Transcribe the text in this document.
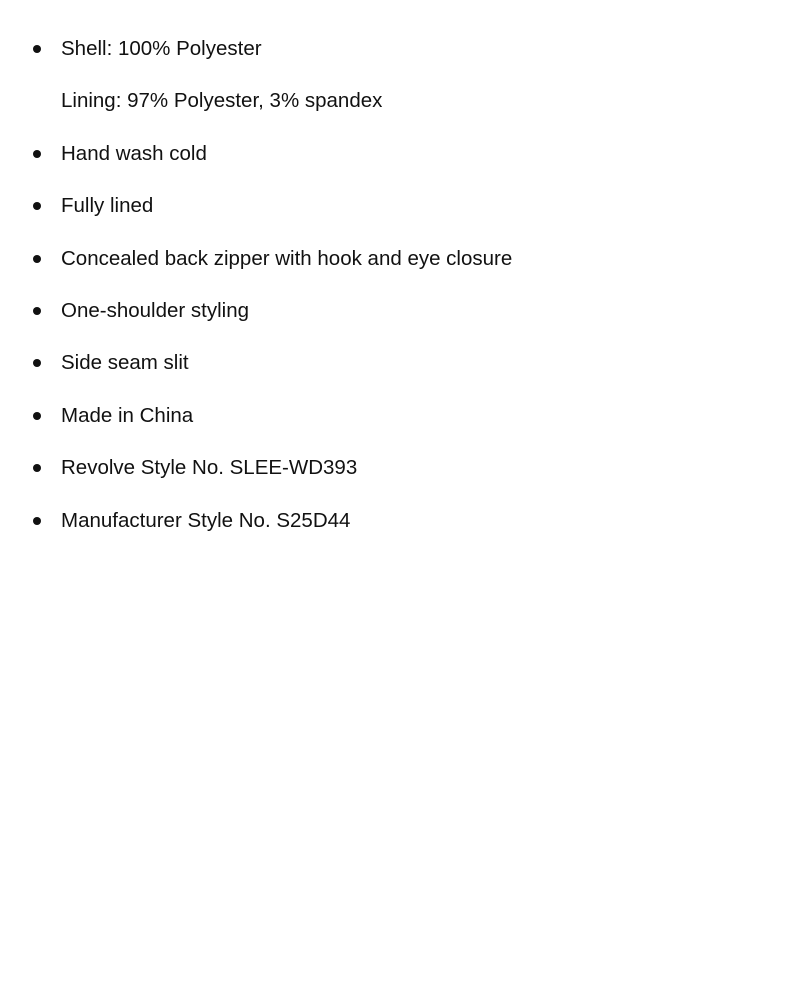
Shell: 100% Polyester
Lining: 97% Polyester, 3% spandex
Hand wash cold
Fully lined
Concealed back zipper with hook and eye closure
One-shoulder styling
Side seam slit
Made in China
Revolve Style No. SLEE-WD393
Manufacturer Style No. S25D44
